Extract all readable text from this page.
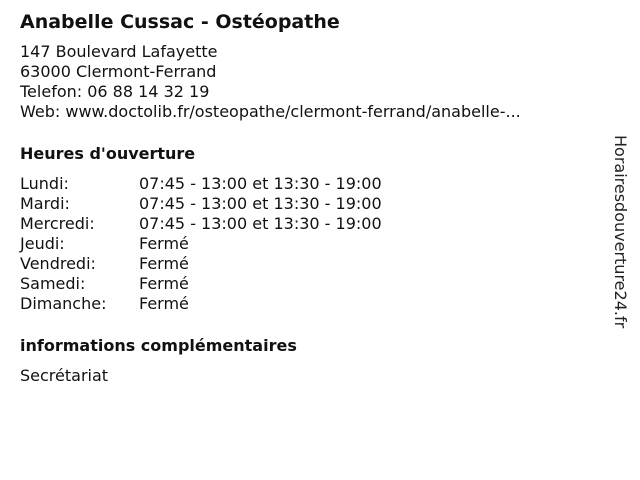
Anabelle Cussac - Ostéopathe
147 Boulevard Lafayette
63000 Clermont-Ferrand
Telefon: 06 88 14 32 19
Web: www.doctolib.fr/osteopathe/clermont-ferrand/anabelle-...
Heures d'ouverture
Lundi:	07:45 - 13:00 et 13:30 - 19:00
Mardi:	07:45 - 13:00 et 13:30 - 19:00
Mercredi:	07:45 - 13:00 et 13:30 - 19:00
Jeudi:	Fermé
Vendredi:	Fermé
Samedi:	Fermé
Dimanche:	Fermé
informations complémentaires
Secrétariat
Horairesdouverture24.fr
